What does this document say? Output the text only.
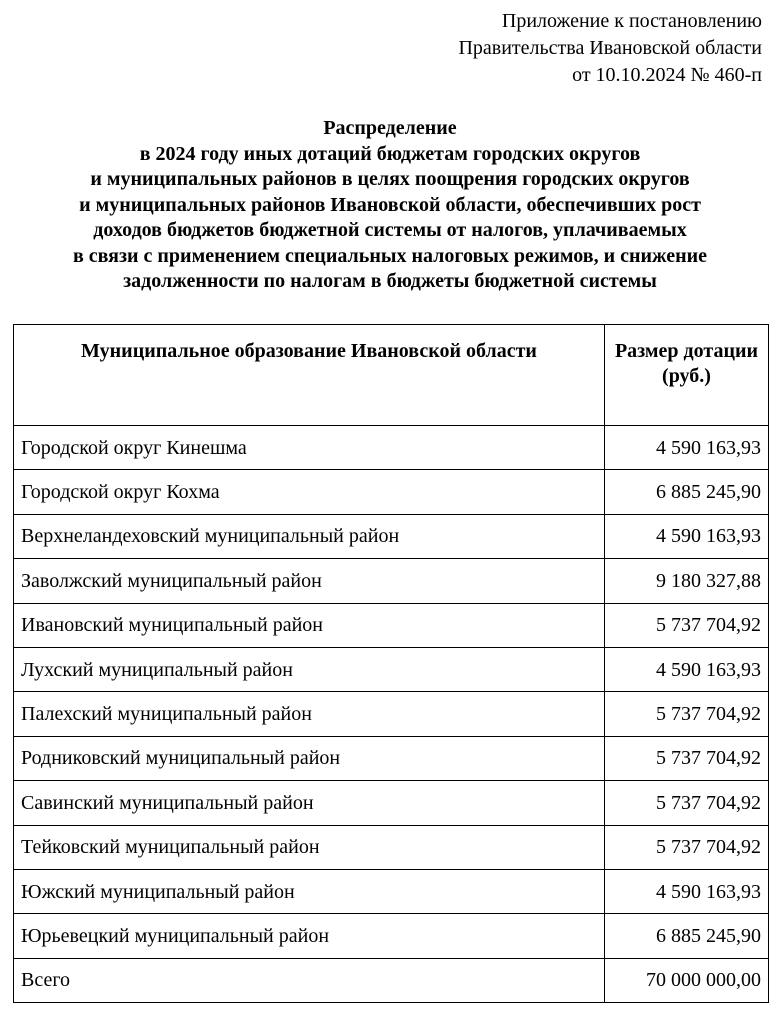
Приложение к постановлению
Правительства Ивановской области
от 10.10.2024 № 460-п
Распределение
в 2024 году иных дотаций бюджетам городских округов
и муниципальных районов в целях поощрения городских округов
и муниципальных районов Ивановской области, обеспечивших рост
доходов бюджетов бюджетной системы от налогов, уплачиваемых
в связи с применением специальных налоговых режимов, и снижение
задолженности по налогам в бюджеты бюджетной системы
Муниципальное образование Ивановской области	Размер дотации (руб.)
Городской округ Кинешма	4 590 163,93
Городской округ Кохма	6 885 245,90
Верхнеландеховский муниципальный район	4 590 163,93
Заволжский муниципальный район	9 180 327,88
Ивановский муниципальный район	5 737 704,92
Лухский муниципальный район	4 590 163,93
Палехский муниципальный район	5 737 704,92
Родниковский муниципальный район	5 737 704,92
Савинский муниципальный район	5 737 704,92
Тейковский муниципальный район	5 737 704,92
Южский муниципальный район	4 590 163,93
Юрьевецкий муниципальный район	6 885 245,90
Всего	70 000 000,00
